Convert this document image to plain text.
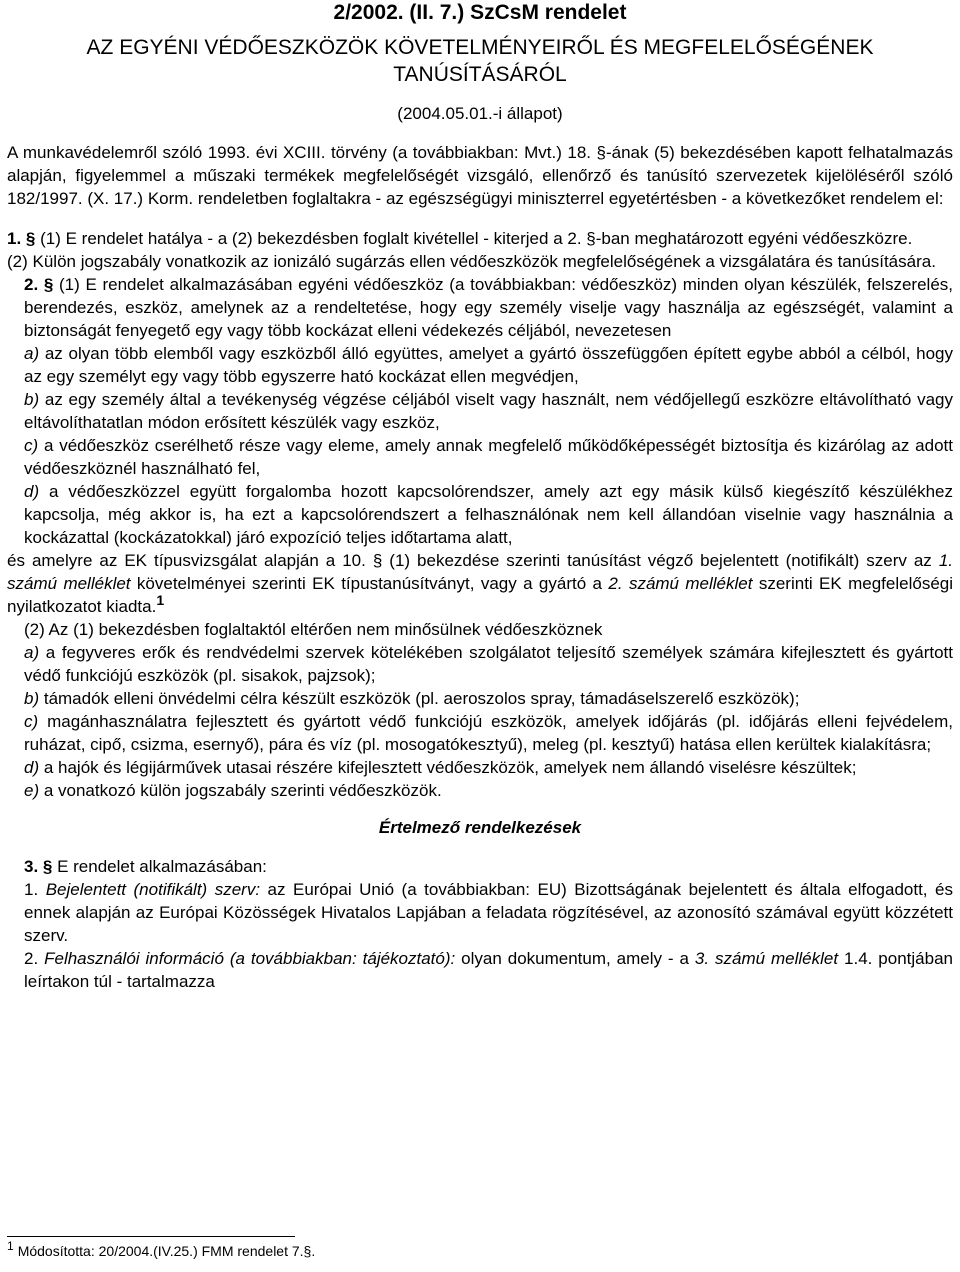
2/2002. (II. 7.) SzCsM rendelet

AZ EGYÉNI VÉDŐESZKÖZÖK KÖVETELMÉNYEIRŐL ÉS MEGFELELŐSÉGÉNEK TANÚSÍTÁSÁRÓL

(2004.05.01.-i állapot)

A munkavédelemről szóló 1993. évi XCIII. törvény (a továbbiakban: Mvt.) 18. §-ának (5) bekezdésében kapott felhatalmazás alapján, figyelemmel a műszaki termékek megfelelőségét vizsgáló, ellenőrző és tanúsító szervezetek kijelöléséről szóló 182/1997. (X. 17.) Korm. rendeletben foglaltakra - az egészségügyi miniszterrel egyetértésben - a következőket rendelem el:

1. § (1) E rendelet hatálya - a (2) bekezdésben foglalt kivétellel - kiterjed a 2. §-ban meghatározott egyéni védőeszközre.

(2) Külön jogszabály vonatkozik az ionizáló sugárzás ellen védőeszközök megfelelőségének a vizsgálatára és tanúsítására.

2. § (1) E rendelet alkalmazásában egyéni védőeszköz (a továbbiakban: védőeszköz) minden olyan készülék, felszerelés, berendezés, eszköz, amelynek az a rendeltetése, hogy egy személy viselje vagy használja az egészségét, valamint a biztonságát fenyegető egy vagy több kockázat elleni védekezés céljából, nevezetesen

a) az olyan több elemből vagy eszközből álló együttes, amelyet a gyártó összefüggően épített egybe abból a célból, hogy az egy személyt egy vagy több egyszerre ható kockázat ellen megvédjen,

b) az egy személy által a tevékenység végzése céljából viselt vagy használt, nem védőjellegű eszközre eltávolítható vagy eltávolíthatatlan módon erősített készülék vagy eszköz,

c) a védőeszköz cserélhető része vagy eleme, amely annak megfelelő működőképességét biztosítja és kizárólag az adott védőeszköznél használható fel,

d) a védőeszközzel együtt forgalomba hozott kapcsolórendszer, amely azt egy másik külső kiegészítő készülékhez kapcsolja, még akkor is, ha ezt a kapcsolórendszert a felhasználónak nem kell állandóan viselnie vagy használnia a kockázattal (kockázatokkal) járó expozíció teljes időtartama alatt,

és amelyre az EK típusvizsgálat alapján a 10. § (1) bekezdése szerinti tanúsítást végző bejelentett (notifikált) szerv az 1. számú melléklet követelményei szerinti EK típustanúsítványt, vagy a gyártó a 2. számú melléklet szerinti EK megfelelőségi nyilatkozatot kiadta.$^1$

(2) Az (1) bekezdésben foglaltaktól eltérően nem minősülnek védőeszköznek

a) a fegyveres erők és rendvédelmi szervek kötelékében szolgálatot teljesítő személyek számára kifejlesztett és gyártott védő funkciójú eszközök (pl. sisakok, pajzsok);

b) támadók elleni önvédelmi célra készült eszközök (pl. aeroszolos spray, támadáselszerelő eszközök);

c) magánhasználatra fejlesztett és gyártott védő funkciójú eszközök, amelyek időjárás (pl. időjárás elleni fejvédelem, ruházat, cipő, csizma, esernyő), pára és víz (pl. mosogatókesztyű), meleg (pl. kesztyű) hatása ellen kerültek kialakításra;

d) a hajók és légijárművek utasai részére kifejlesztett védőeszközök, amelyek nem állandó viselésre készültek;

e) a vonatkozó külön jogszabály szerinti védőeszközök.

Értelmező rendelkezések

3. § E rendelet alkalmazásában:

1. Bejelentett (notifikált) szerv: az Európai Unió (a továbbiakban: EU) Bizottságának bejelentett és általa elfogadott, és ennek alapján az Európai Közösségek Hivatalos Lapjában a feladata rögzítésével, az azonosító számával együtt közzétett szerv.

2. Felhasználói információ (a továbbiakban: tájékoztató): olyan dokumentum, amely - a 3. számú melléklet 1.4. pontjában leírtakon túl - tartalmazza

1 Módosította: 20/2004.(IV.25.) FMM rendelet 7.§.
